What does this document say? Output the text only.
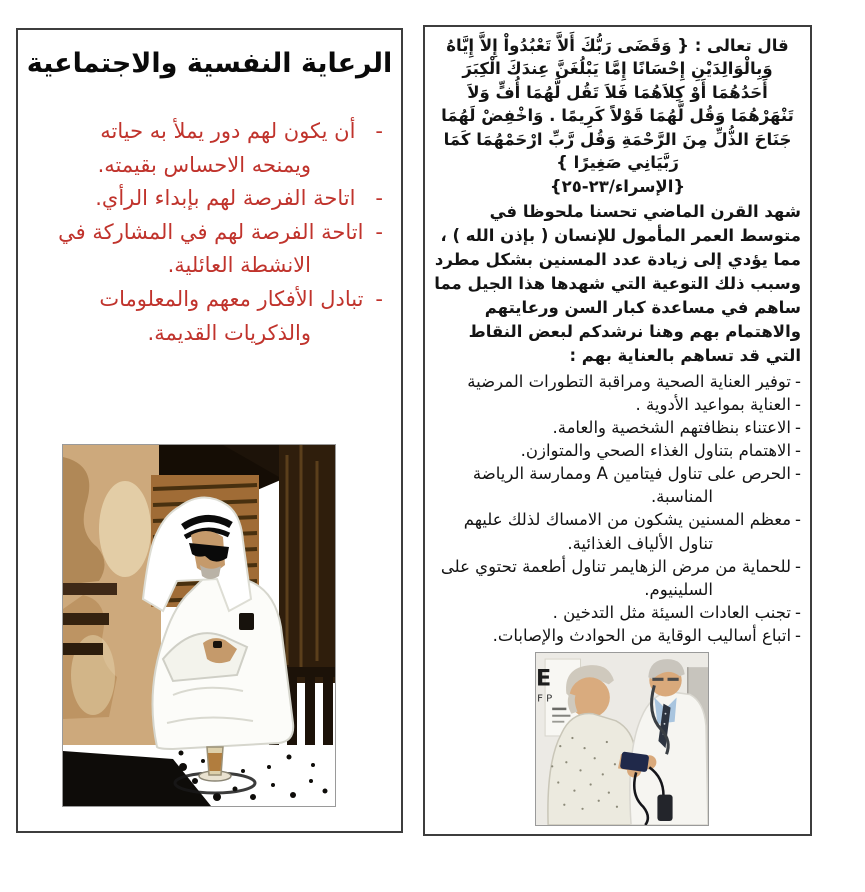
الرعاية النفسية والاجتماعية
-أن يكون لهم دور يملأ به حياته ويمنحه الاحساس بقيمته.
-اتاحة الفرصة لهم بإبداء الرأي.
-اتاحة الفرصة لهم في المشاركة في الانشطة العائلية.
-تبادل الأفكار معهم والمعلومات والذكريات القديمة.

قال تعالى : { وَقَضَى رَبُّكَ أَلاَّ تَعْبُدُواْ إِلاَّ إِيَّاهُ وَبِالْوَالِدَيْنِ إِحْسَانًا إِمَّا يَبْلُغَنَّ عِندَكَ الْكِبَرَ أَحَدُهُمَا أَوْ كِلاَهُمَا فَلاَ تَقُل لَّهُمَا أُفٍّ وَلاَ تَنْهَرْهُمَا وَقُل لَّهُمَا قَوْلاً كَرِيمًا . وَاخْفِضْ لَهُمَا جَنَاحَ الذُّلِّ مِنَ الرَّحْمَةِ وَقُل رَّبِّ ارْحَمْهُمَا كَمَا رَبَّيَانِي صَغِيرًا }

{الإسراء/٢٣-٢٥}

شهد القرن الماضي تحسنا ملحوظا في متوسط العمر المأمول للإنسان ( بإذن الله ) ، مما يؤدي إلى زيادة عدد المسنين بشكل مطرد وسبب ذلك التوعية التي شهدها هذا الجيل مما ساهم في مساعدة كبار السن ورعايتهم والاهتمام بهم وهنا نرشدكم لبعض النقاط التي قد تساهم بالعناية بهم :

-توفير العناية الصحية ومراقبة التطورات المرضية
-العناية بمواعيد الأدوية .
-الاعتناء بنظافتهم الشخصية والعامة.
-الاهتمام بتناول الغذاء الصحي والمتوازن.
-الحرص على تناول فيتامين A وممارسة الرياضة المناسبة.
-معظم المسنين يشكون من الامساك لذلك عليهم تناول الألياف الغذائية.
-للحماية من مرض الزهايمر تناول أطعمة تحتوي على السلينيوم.
-تجنب العادات السيئة مثل التدخين .
-اتباع أساليب الوقاية من الحوادث والإصابات.
E
F P
